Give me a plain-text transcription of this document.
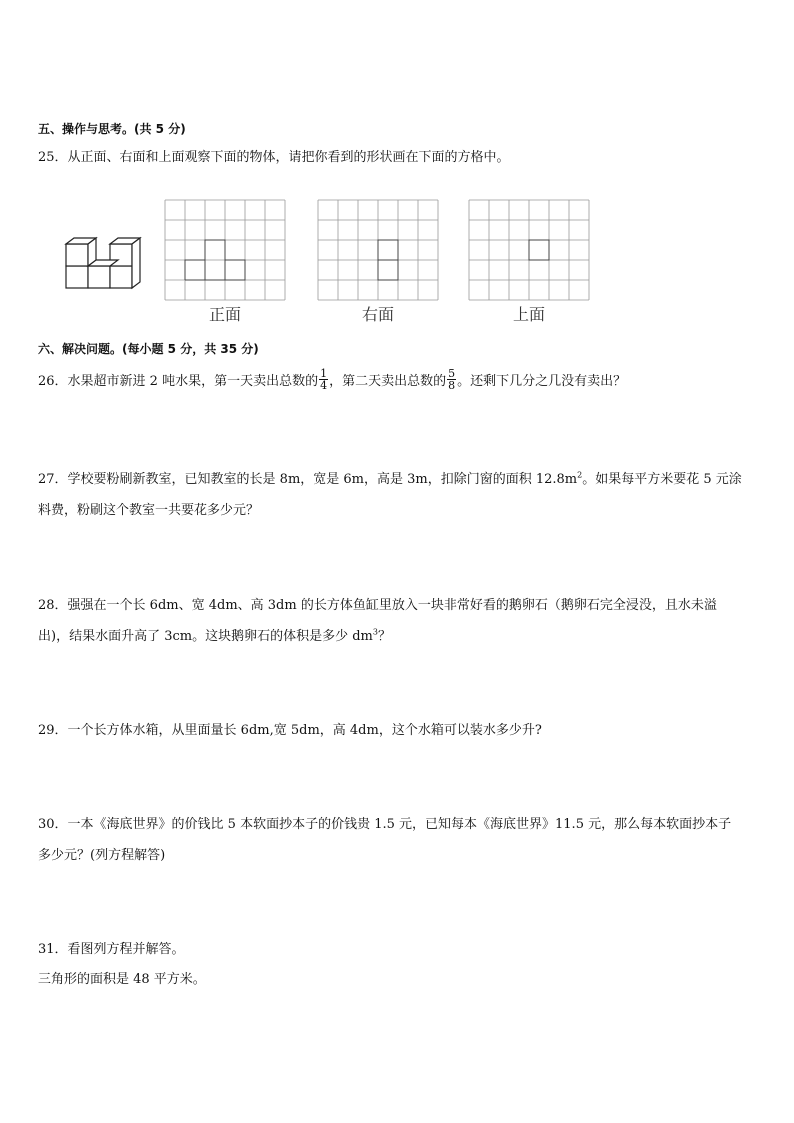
五、操作与思考。(共 5 分)
25．从正面、右面和上面观察下面的物体，请把你看到的形状画在下面的方格中。
正面	右面	上面
六、解决问题。(每小题 5 分，共 35 分)
26．水果超市新进 2 吨水果，第一天卖出总数的 $\frac{1}{4}$ ，第二天卖出总数的 $\frac{5}{8}$ 。还剩下几分之几没有卖出？
27．学校要粉刷新教室，已知教室的长是 8m，宽是 6m，高是 3m，扣除门窗的面积 $12.8m^2$。如果每平方米要花 5 元涂
料费，粉刷这个教室一共要花多少元？
28．强强在一个长 6dm、宽 4dm、高 3dm 的长方体鱼缸里放入一块非常好看的鹅卵石（鹅卵石完全浸没，且水未溢
出)，结果水面升高了 3cm。这块鹅卵石的体积是多少 $dm^3$？
29．一个长方体水箱，从里面量长 6dm,宽 5dm，高 4dm，这个水箱可以装水多少升?
30．一本《海底世界》的价钱比 5 本软面抄本子的价钱贵 1.5 元，已知每本《海底世界》11.5 元，那么每本软面抄本子
多少元？(列方程解答)
31．看图列方程并解答。
三角形的面积是 48 平方米。
